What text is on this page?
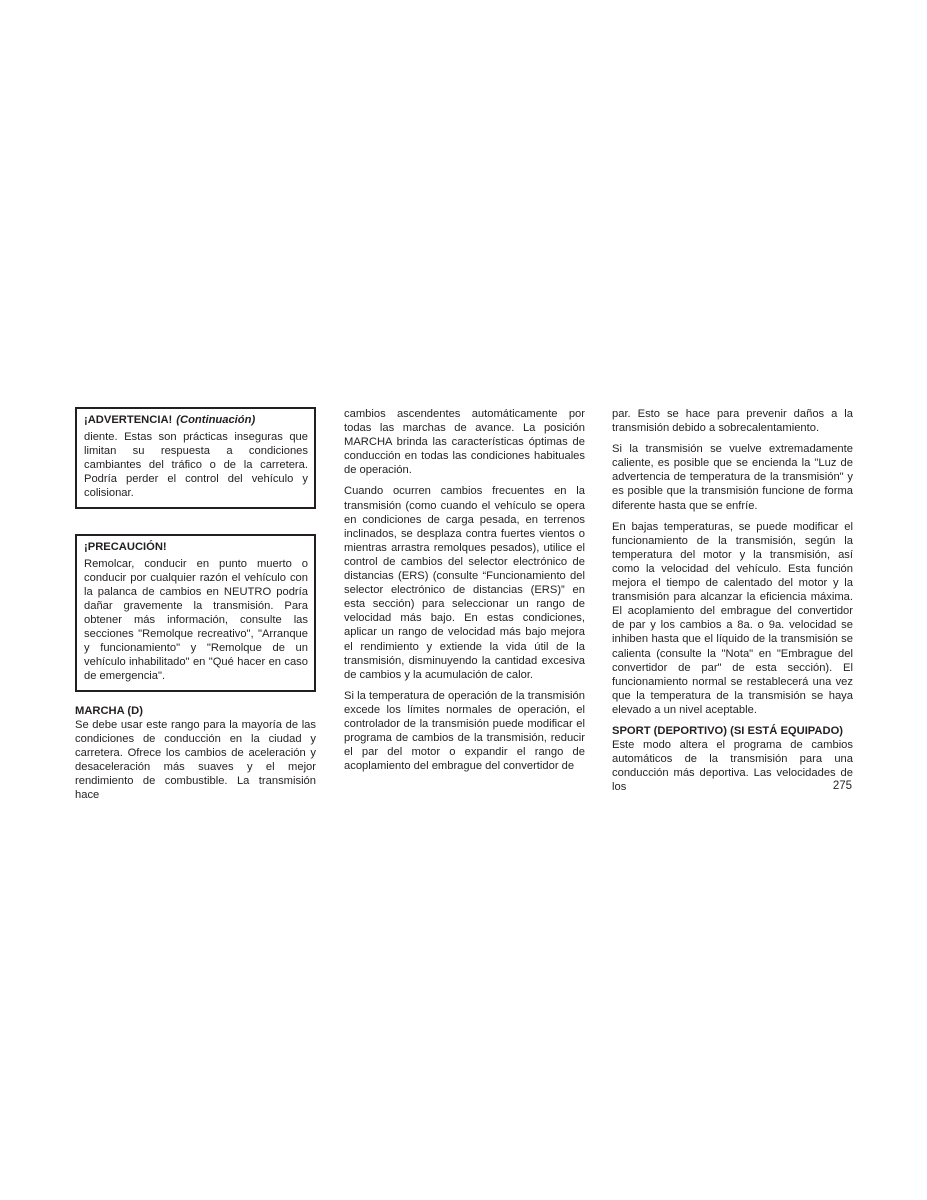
¡ADVERTENCIA! (Continuación)

diente. Estas son prácticas inseguras que limitan su respuesta a condiciones cambiantes del tráfico o de la carretera. Podría perder el control del vehículo y colisionar.

¡PRECAUCIÓN!

Remolcar, conducir en punto muerto o conducir por cualquier razón el vehículo con la palanca de cambios en NEUTRO podría dañar gravemente la transmisión. Para obtener más información, consulte las secciones "Remolque recreativo", "Arranque y funcionamiento" y "Remolque de un vehículo inhabilitado" en "Qué hacer en caso de emergencia".

MARCHA (D)

Se debe usar este rango para la mayoría de las condiciones de conducción en la ciudad y carretera. Ofrece los cambios de aceleración y desaceleración más suaves y el mejor rendimiento de combustible. La transmisión hace

cambios ascendentes automáticamente por todas las marchas de avance. La posición MARCHA brinda las características óptimas de conducción en todas las condiciones habituales de operación.

Cuando ocurren cambios frecuentes en la transmisión (como cuando el vehículo se opera en condiciones de carga pesada, en terrenos inclinados, se desplaza contra fuertes vientos o mientras arrastra remolques pesados), utilice el control de cambios del selector electrónico de distancias (ERS) (consulte “Funcionamiento del selector electrónico de distancias (ERS)” en esta sección) para seleccionar un rango de velocidad más bajo. En estas condiciones, aplicar un rango de velocidad más bajo mejora el rendimiento y extiende la vida útil de la transmisión, disminuyendo la cantidad excesiva de cambios y la acumulación de calor.

Si la temperatura de operación de la transmisión excede los límites normales de operación, el controlador de la transmisión puede modificar el programa de cambios de la transmisión, reducir el par del motor o expandir el rango de acoplamiento del embrague del convertidor de

par. Esto se hace para prevenir daños a la transmisión debido a sobrecalentamiento.

Si la transmisión se vuelve extremadamente caliente, es posible que se encienda la "Luz de advertencia de temperatura de la transmisión" y es posible que la transmisión funcione de forma diferente hasta que se enfríe.

En bajas temperaturas, se puede modificar el funcionamiento de la transmisión, según la temperatura del motor y la transmisión, así como la velocidad del vehículo. Esta función mejora el tiempo de calentado del motor y la transmisión para alcanzar la eficiencia máxima. El acoplamiento del embrague del convertidor de par y los cambios a 8a. o 9a. velocidad se inhiben hasta que el líquido de la transmisión se calienta (consulte la "Nota" en "Embrague del convertidor de par" de esta sección). El funcionamiento normal se restablecerá una vez que la temperatura de la transmisión se haya elevado a un nivel aceptable.

SPORT (DEPORTIVO) (SI ESTÁ EQUIPADO)

Este modo altera el programa de cambios automáticos de la transmisión para una conducción más deportiva. Las velocidades de los	275
